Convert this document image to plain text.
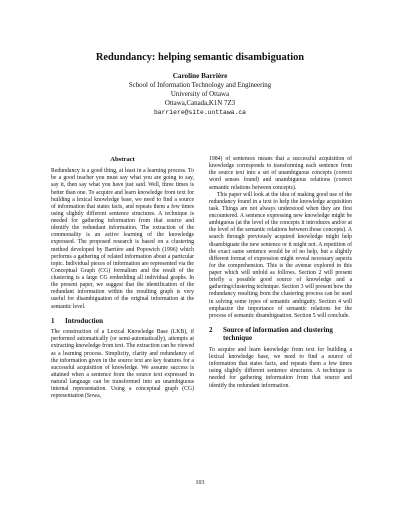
Redundancy: helping semantic disambiguation
Caroline Barrière
School of Information Technology and Engineering
University of Ottawa
Ottawa,Canada,K1N 7Z3
barriere@site.uottawa.ca
Abstract

Redundancy is a good thing, at least in a learning process. To be a good teacher you must say what you are going to say, say it, then say what you have just said. Well, three times is better than one. To acquire and learn knowledge from text for building a lexical knowledge base, we need to find a source of information that states facts, and repeats them a few times using slightly different sentence structures. A technique is needed for gathering information from that source and identify the redundant information. The extraction of the commonality is an active learning of the knowledge expressed. The proposed research is based on a clustering method developed by Barrière and Popowich (1996) which performs a gathering of related information about a particular topic. Individual pieces of information are represented via the Conceptual Graph (CG) formalism and the result of the clustering is a large CG embedding all individual graphs. In the present paper, we suggest that the identification of the redundant information within the resulting graph is very useful for disambiguation of the original information at the semantic level.

1	Introduction

The construction of a Lexical Knowledge Base (LKB), if performed automatically (or semi-automatically), attempts at extracting knowledge from text. The extraction can be viewed as a learning process. Simplicity, clarity and redundancy of the information given in the source text are key features for a successful acquisition of knowledge. We assume success is attained when a sentence from the source text expressed in natural language can be transformed into an unambiguous internal representation. Using a conceptual graph (CG) representation (Sowa,

1984) of sentences means that a successful acquisition of knowledge corresponds to transforming each sentence from the source text into a set of unambiguous concepts (correct word senses found) and unambiguous relations (correct semantic relations between concepts).

This paper will look at the idea of making good use of the redundancy found in a text to help the knowledge acquisition task. Things are not always understood when they are first encountered. A sentence expressing new knowledge might be ambiguous (at the level of the concepts it introduces and/or at the level of the semantic relations between those concepts). A search through previously acquired knowledge might help disambiguate the new sentence or it might not. A repetition of the exact same sentence would be of no help, but a slightly different format of expression might reveal necessary aspects for the comprehension. This is the avenue explored in this paper which will unfold as follows. Section 2 will present briefly a possible good source of knowledge and a gathering/clustering technique. Section 3 will present how the redundancy resulting from the clustering process can be used in solving some types of semantic ambiguity. Section 4 will emphasize the importance of semantic relations for the process of semantic disambiguation. Section 5 will conclude.

2	Source of information and clustering technique

To acquire and learn knowledge from text for building a lexical knowledge base, we need to find a source of information that states facts, and repeats them a few times using slightly different sentence structures. A technique is needed for gathering information from that source and identify the redundant information.

103
